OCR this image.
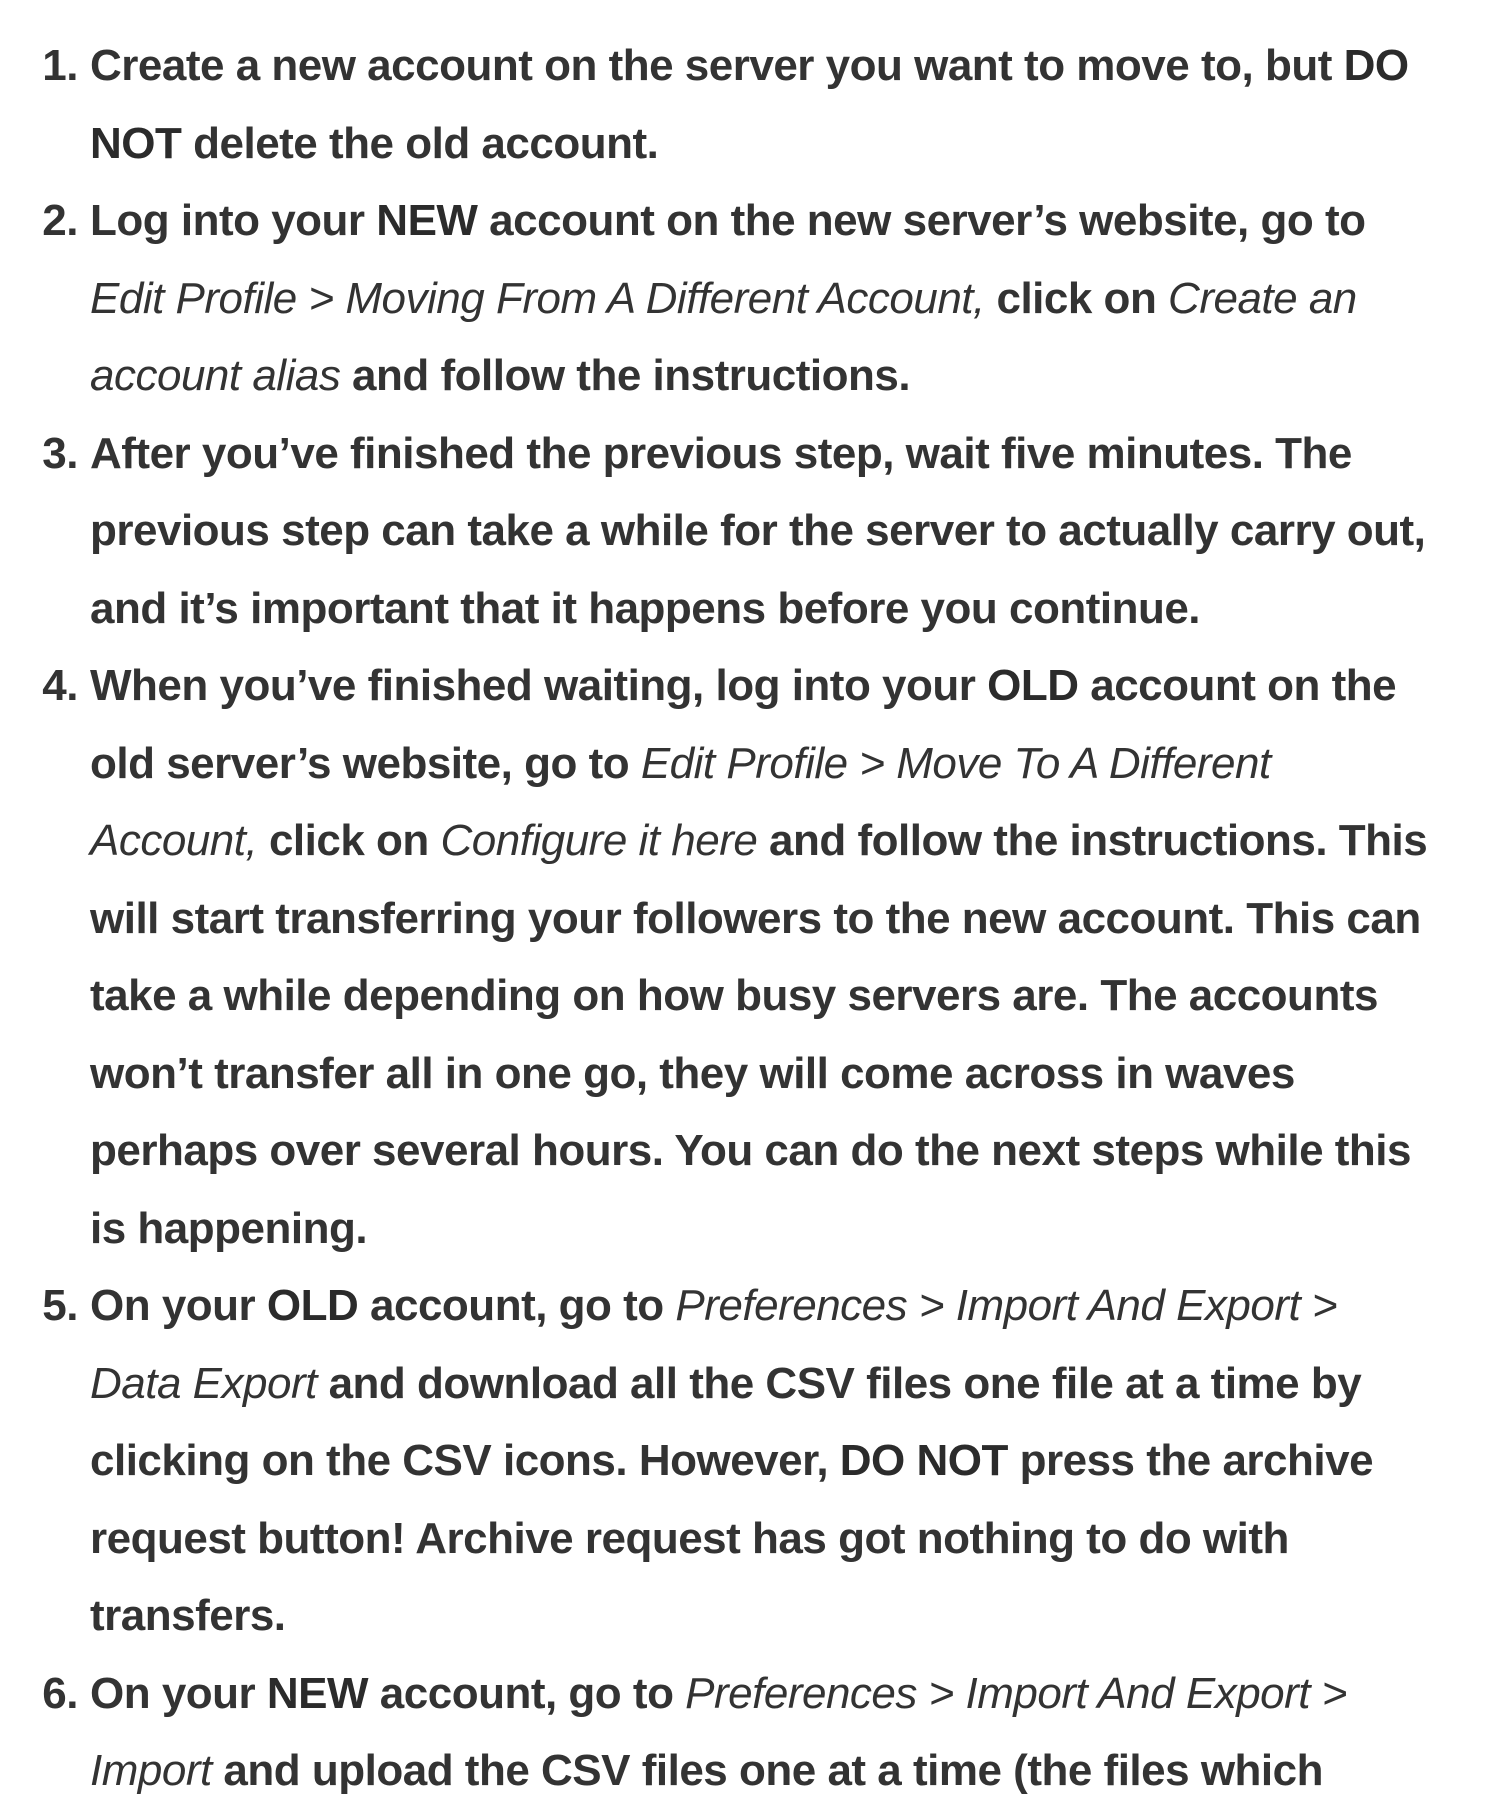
1. Create a new account on the server you want to move to, but DO NOT delete the old account.
2. Log into your NEW account on the new server’s website, go to Edit Profile > Moving From A Different Account, click on Create an account alias and follow the instructions.
3. After you’ve finished the previous step, wait five minutes. The previous step can take a while for the server to actually carry out, and it’s important that it happens before you continue.
4. When you’ve finished waiting, log into your OLD account on the old server’s website, go to Edit Profile > Move To A Different Account, click on Configure it here and follow the instructions. This will start transferring your followers to the new account. This can take a while depending on how busy servers are. The accounts won’t transfer all in one go, they will come across in waves perhaps over several hours. You can do the next steps while this is happening.
5. On your OLD account, go to Preferences > Import And Export > Data Export and download all the CSV files one file at a time by clicking on the CSV icons. However, DO NOT press the archive request button! Archive request has got nothing to do with transfers.
6. On your NEW account, go to Preferences > Import And Export > Import and upload the CSV files one at a time (the files which
